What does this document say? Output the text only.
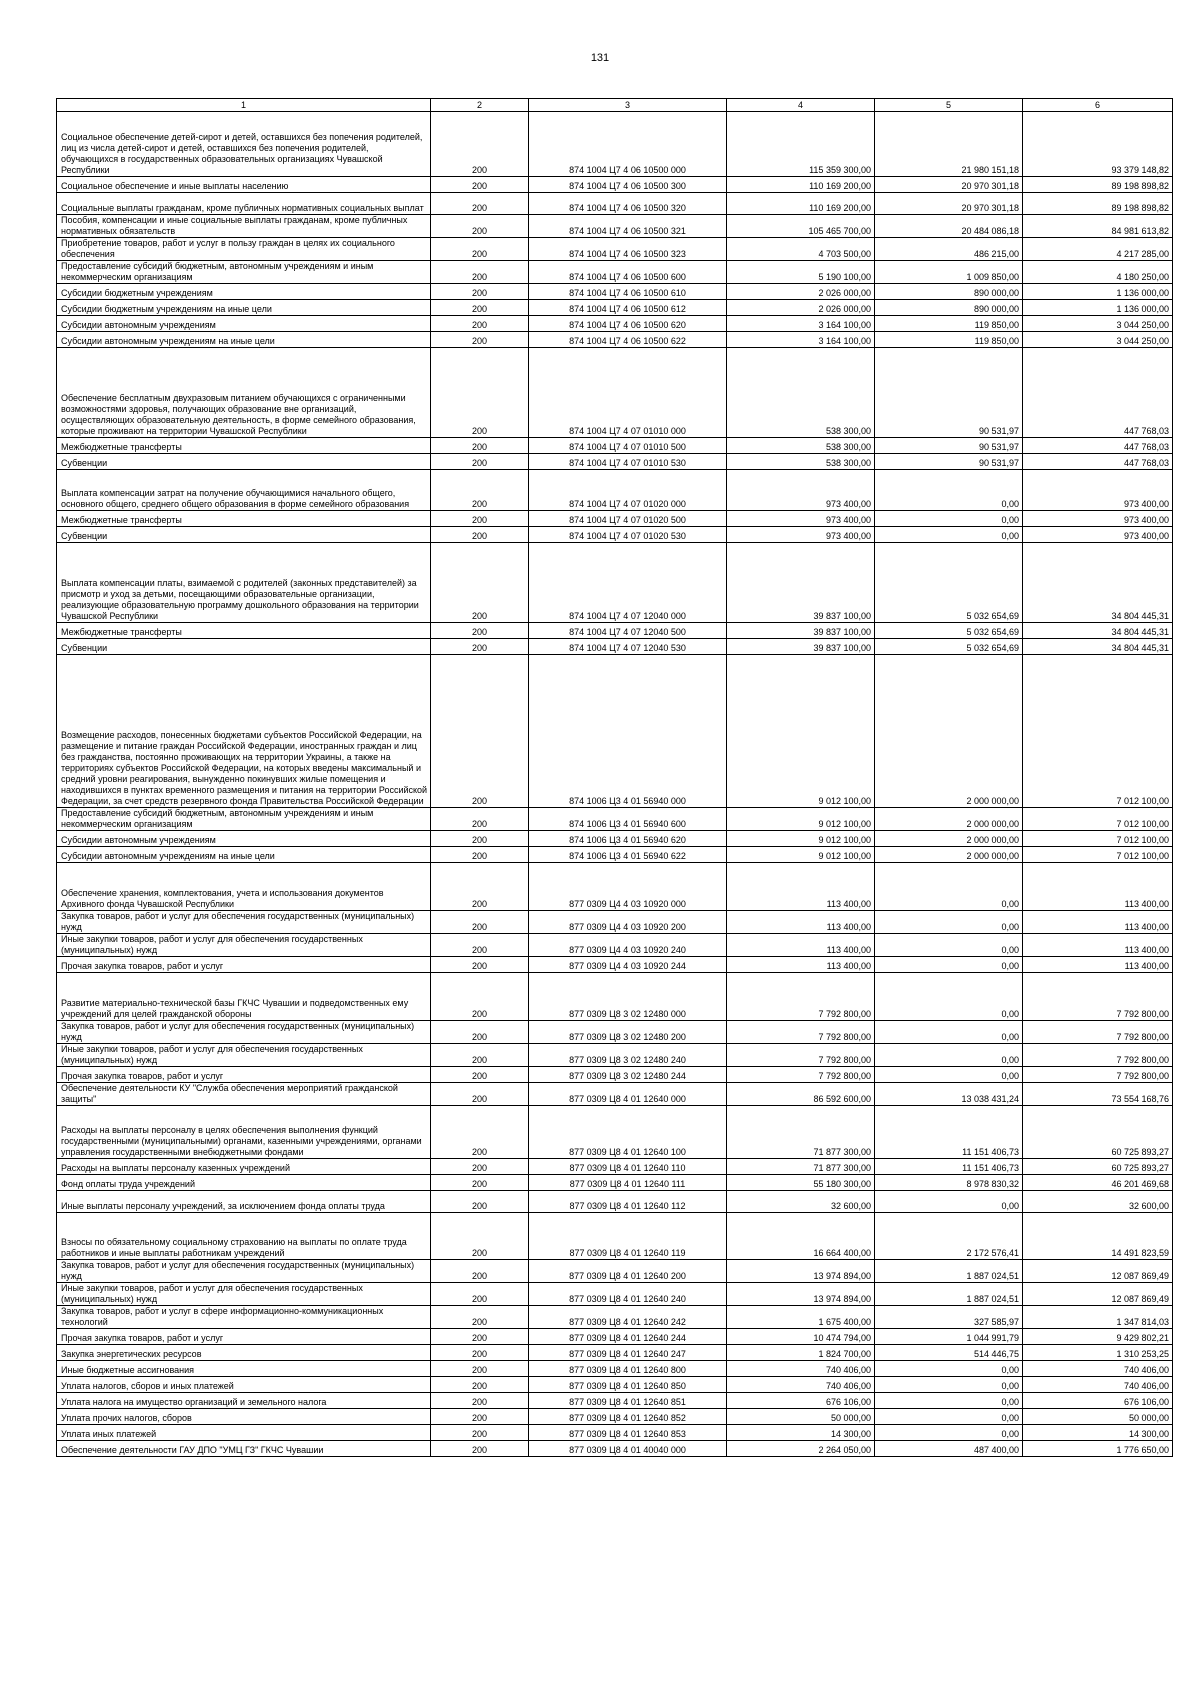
131
1	2	3	4	5	6
Социальное обеспечение детей-сирот и детей, оставшихся без попечения родителей, лиц из числа детей-сирот и детей, оставшихся без попечения родителей, обучающихся в государственных образовательных организациях Чувашской Республики	200	874 1004 Ц7 4 06 10500 000	115 359 300,00	21 980 151,18	93 379 148,82
Социальное обеспечение и иные выплаты населению	200	874 1004 Ц7 4 06 10500 300	110 169 200,00	20 970 301,18	89 198 898,82
Социальные выплаты гражданам, кроме публичных нормативных социальных выплат	200	874 1004 Ц7 4 06 10500 320	110 169 200,00	20 970 301,18	89 198 898,82
Пособия, компенсации и иные социальные выплаты гражданам, кроме публичных нормативных обязательств	200	874 1004 Ц7 4 06 10500 321	105 465 700,00	20 484 086,18	84 981 613,82
Приобретение товаров, работ и услуг в пользу граждан в целях их социального обеспечения	200	874 1004 Ц7 4 06 10500 323	4 703 500,00	486 215,00	4 217 285,00
Предоставление субсидий бюджетным, автономным учреждениям и иным некоммерческим организациям	200	874 1004 Ц7 4 06 10500 600	5 190 100,00	1 009 850,00	4 180 250,00
Субсидии бюджетным учреждениям	200	874 1004 Ц7 4 06 10500 610	2 026 000,00	890 000,00	1 136 000,00
Субсидии бюджетным учреждениям на иные цели	200	874 1004 Ц7 4 06 10500 612	2 026 000,00	890 000,00	1 136 000,00
Субсидии автономным учреждениям	200	874 1004 Ц7 4 06 10500 620	3 164 100,00	119 850,00	3 044 250,00
Субсидии автономным учреждениям на иные цели	200	874 1004 Ц7 4 06 10500 622	3 164 100,00	119 850,00	3 044 250,00
Обеспечение бесплатным двухразовым питанием обучающихся с ограниченными возможностями здоровья, получающих образование вне организаций, осуществляющих образовательную деятельность, в форме семейного образования, которые проживают на территории Чувашской Республики	200	874 1004 Ц7 4 07 01010 000	538 300,00	90 531,97	447 768,03
Межбюджетные трансферты	200	874 1004 Ц7 4 07 01010 500	538 300,00	90 531,97	447 768,03
Субвенции	200	874 1004 Ц7 4 07 01010 530	538 300,00	90 531,97	447 768,03
Выплата компенсации затрат на получение обучающимися начального общего, основного общего, среднего общего образования в форме семейного образования	200	874 1004 Ц7 4 07 01020 000	973 400,00	0,00	973 400,00
Межбюджетные трансферты	200	874 1004 Ц7 4 07 01020 500	973 400,00	0,00	973 400,00
Субвенции	200	874 1004 Ц7 4 07 01020 530	973 400,00	0,00	973 400,00
Выплата компенсации платы, взимаемой с родителей (законных представителей) за присмотр и уход за детьми, посещающими образовательные организации, реализующие образовательную программу дошкольного образования на территории Чувашской Республики	200	874 1004 Ц7 4 07 12040 000	39 837 100,00	5 032 654,69	34 804 445,31
Межбюджетные трансферты	200	874 1004 Ц7 4 07 12040 500	39 837 100,00	5 032 654,69	34 804 445,31
Субвенции	200	874 1004 Ц7 4 07 12040 530	39 837 100,00	5 032 654,69	34 804 445,31
Возмещение расходов, понесенных бюджетами субъектов Российской Федерации, на размещение и питание граждан Российской Федерации, иностранных граждан и лиц без гражданства, постоянно проживающих на территории Украины, а также на территориях субъектов Российской Федерации, на которых введены максимальный и средний уровни реагирования, вынужденно покинувших жилые помещения и находившихся в пунктах временного размещения и питания на территории Российской Федерации, за счет средств резервного фонда Правительства Российской Федерации	200	874 1006 Ц3 4 01 56940 000	9 012 100,00	2 000 000,00	7 012 100,00
Предоставление субсидий бюджетным, автономным учреждениям и иным некоммерческим организациям	200	874 1006 Ц3 4 01 56940 600	9 012 100,00	2 000 000,00	7 012 100,00
Субсидии автономным учреждениям	200	874 1006 Ц3 4 01 56940 620	9 012 100,00	2 000 000,00	7 012 100,00
Субсидии автономным учреждениям на иные цели	200	874 1006 Ц3 4 01 56940 622	9 012 100,00	2 000 000,00	7 012 100,00
Обеспечение хранения, комплектования, учета и использования документов Архивного фонда Чувашской Республики	200	877 0309 Ц4 4 03 10920 000	113 400,00	0,00	113 400,00
Закупка товаров, работ и услуг для обеспечения государственных (муниципальных) нужд	200	877 0309 Ц4 4 03 10920 200	113 400,00	0,00	113 400,00
Иные закупки товаров, работ и услуг для обеспечения государственных (муниципальных) нужд	200	877 0309 Ц4 4 03 10920 240	113 400,00	0,00	113 400,00
Прочая закупка товаров, работ и услуг	200	877 0309 Ц4 4 03 10920 244	113 400,00	0,00	113 400,00
Развитие материально-технической базы ГКЧС Чувашии и подведомственных ему учреждений для целей гражданской обороны	200	877 0309 Ц8 3 02 12480 000	7 792 800,00	0,00	7 792 800,00
Закупка товаров, работ и услуг для обеспечения государственных (муниципальных) нужд	200	877 0309 Ц8 3 02 12480 200	7 792 800,00	0,00	7 792 800,00
Иные закупки товаров, работ и услуг для обеспечения государственных (муниципальных) нужд	200	877 0309 Ц8 3 02 12480 240	7 792 800,00	0,00	7 792 800,00
Прочая закупка товаров, работ и услуг	200	877 0309 Ц8 3 02 12480 244	7 792 800,00	0,00	7 792 800,00
Обеспечение деятельности КУ "Служба обеспечения мероприятий гражданской защиты"	200	877 0309 Ц8 4 01 12640 000	86 592 600,00	13 038 431,24	73 554 168,76
Расходы на выплаты персоналу в целях обеспечения выполнения функций государственными (муниципальными) органами, казенными учреждениями, органами управления государственными внебюджетными фондами	200	877 0309 Ц8 4 01 12640 100	71 877 300,00	11 151 406,73	60 725 893,27
Расходы на выплаты персоналу казенных учреждений	200	877 0309 Ц8 4 01 12640 110	71 877 300,00	11 151 406,73	60 725 893,27
Фонд оплаты труда учреждений	200	877 0309 Ц8 4 01 12640 111	55 180 300,00	8 978 830,32	46 201 469,68
Иные выплаты персоналу учреждений, за исключением фонда оплаты труда	200	877 0309 Ц8 4 01 12640 112	32 600,00	0,00	32 600,00
Взносы по обязательному социальному страхованию на выплаты по оплате труда работников и иные выплаты работникам учреждений	200	877 0309 Ц8 4 01 12640 119	16 664 400,00	2 172 576,41	14 491 823,59
Закупка товаров, работ и услуг для обеспечения государственных (муниципальных) нужд	200	877 0309 Ц8 4 01 12640 200	13 974 894,00	1 887 024,51	12 087 869,49
Иные закупки товаров, работ и услуг для обеспечения государственных (муниципальных) нужд	200	877 0309 Ц8 4 01 12640 240	13 974 894,00	1 887 024,51	12 087 869,49
Закупка товаров, работ и услуг в сфере информационно-коммуникационных технологий	200	877 0309 Ц8 4 01 12640 242	1 675 400,00	327 585,97	1 347 814,03
Прочая закупка товаров, работ и услуг	200	877 0309 Ц8 4 01 12640 244	10 474 794,00	1 044 991,79	9 429 802,21
Закупка энергетических ресурсов	200	877 0309 Ц8 4 01 12640 247	1 824 700,00	514 446,75	1 310 253,25
Иные бюджетные ассигнования	200	877 0309 Ц8 4 01 12640 800	740 406,00	0,00	740 406,00
Уплата налогов, сборов и иных платежей	200	877 0309 Ц8 4 01 12640 850	740 406,00	0,00	740 406,00
Уплата налога на имущество организаций и земельного налога	200	877 0309 Ц8 4 01 12640 851	676 106,00	0,00	676 106,00
Уплата прочих налогов, сборов	200	877 0309 Ц8 4 01 12640 852	50 000,00	0,00	50 000,00
Уплата иных платежей	200	877 0309 Ц8 4 01 12640 853	14 300,00	0,00	14 300,00
Обеспечение деятельности ГАУ ДПО "УМЦ ГЗ" ГКЧС Чувашии	200	877 0309 Ц8 4 01 40040 000	2 264 050,00	487 400,00	1 776 650,00
